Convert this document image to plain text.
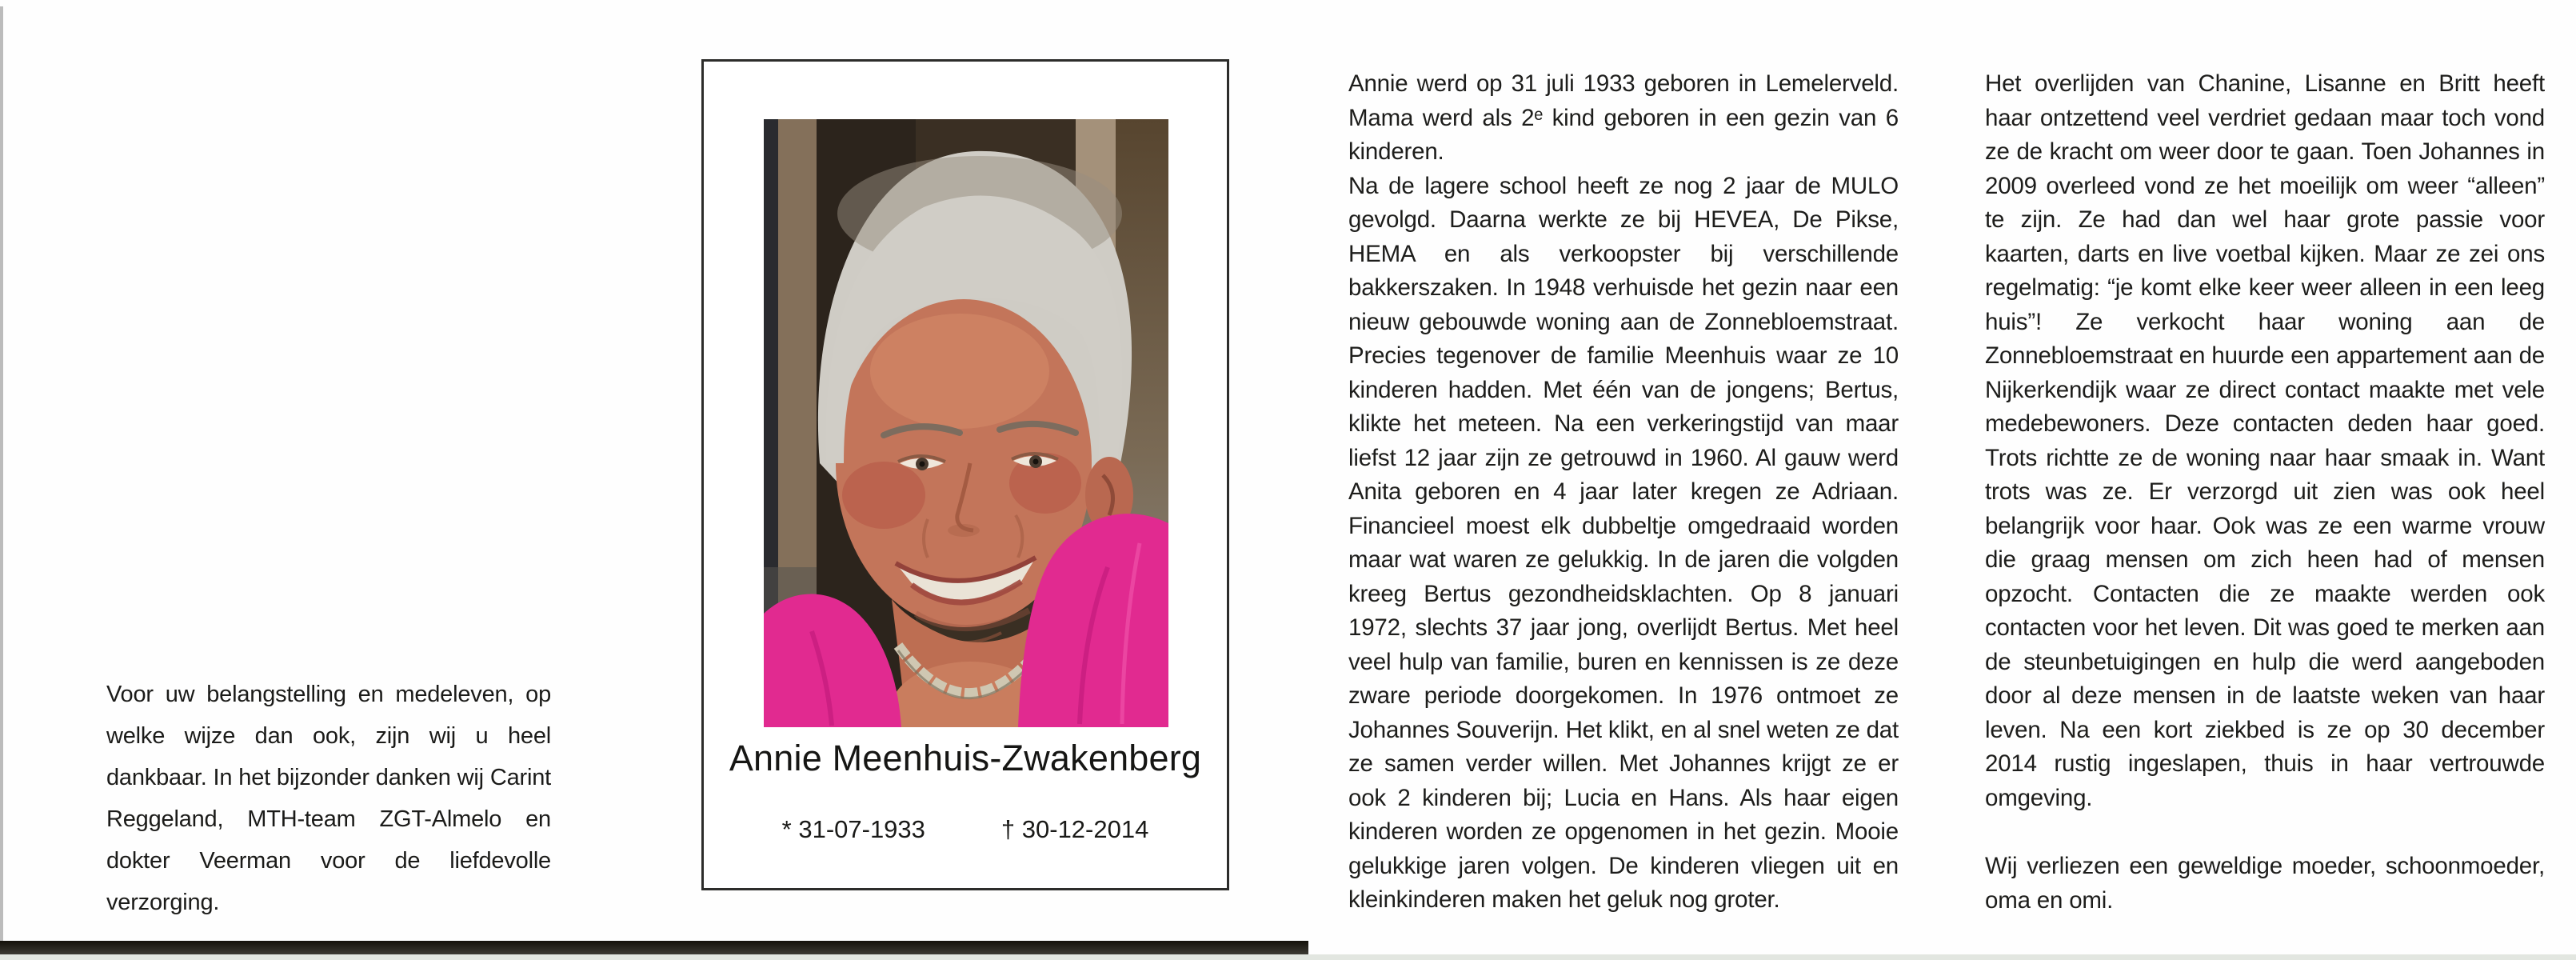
Voor uw belangstelling en medeleven, op welke wijze dan ook, zijn wij u heel dankbaar. In het bijzonder danken wij Carint Reggeland, MTH-team ZGT-Almelo en dokter Veerman voor de liefdevolle verzorging.
Annie Meenhuis-Zwakenberg
* 31-07-1933	† 30-12-2014

Annie werd op 31 juli 1933 geboren in Lemelerveld. Mama werd als 2ᵉ kind geboren in een gezin van 6 kinderen.

Na de lagere school heeft ze nog 2 jaar de MULO gevolgd. Daarna werkte ze bij HEVEA, De Pikse, HEMA en als verkoopster bij verschillende bakkerszaken. In 1948 verhuisde het gezin naar een nieuw gebouwde woning aan de Zonnebloemstraat. Precies tegenover de familie Meenhuis waar ze 10 kinderen hadden. Met één van de jongens; Bertus, klikte het meteen. Na een verkeringstijd van maar liefst 12 jaar zijn ze getrouwd in 1960. Al gauw werd Anita geboren en 4 jaar later kregen ze Adriaan. Financieel moest elk dubbeltje omgedraaid worden maar wat waren ze gelukkig. In de jaren die volgden kreeg Bertus gezondheidsklachten. Op 8 januari 1972, slechts 37 jaar jong, overlijdt Bertus. Met heel veel hulp van familie, buren en kennissen is ze deze zware periode doorgekomen. In 1976 ontmoet ze Johannes Souverijn. Het klikt, en al snel weten ze dat ze samen verder willen. Met Johannes krijgt ze er ook 2 kinderen bij; Lucia en Hans. Als haar eigen kinderen worden ze opgenomen in het gezin. Mooie gelukkige jaren volgen. De kinderen vliegen uit en kleinkinderen maken het geluk nog groter.

Het overlijden van Chanine, Lisanne en Britt heeft haar ontzettend veel verdriet gedaan maar toch vond ze de kracht om weer door te gaan. Toen Johannes in 2009 overleed vond ze het moeilijk om weer “alleen” te zijn. Ze had dan wel haar grote passie voor kaarten, darts en live voetbal kijken. Maar ze zei ons regelmatig: “je komt elke keer weer alleen in een leeg huis”! Ze verkocht haar woning aan de Zonnebloemstraat en huurde een appartement aan de Nijkerkendijk waar ze direct contact maakte met vele medebewoners. Deze contacten deden haar goed. Trots richtte ze de woning naar haar smaak in. Want trots was ze. Er verzorgd uit zien was ook heel belangrijk voor haar. Ook was ze een warme vrouw die graag mensen om zich heen had of mensen opzocht. Contacten die ze maakte werden ook contacten voor het leven. Dit was goed te merken aan de steunbetuigingen en hulp die werd aangeboden door al deze mensen in de laatste weken van haar leven. Na een kort ziekbed is ze op 30 december 2014 rustig ingeslapen, thuis in haar vertrouwde omgeving.

Wij verliezen een geweldige moeder, schoonmoeder, oma en omi.
